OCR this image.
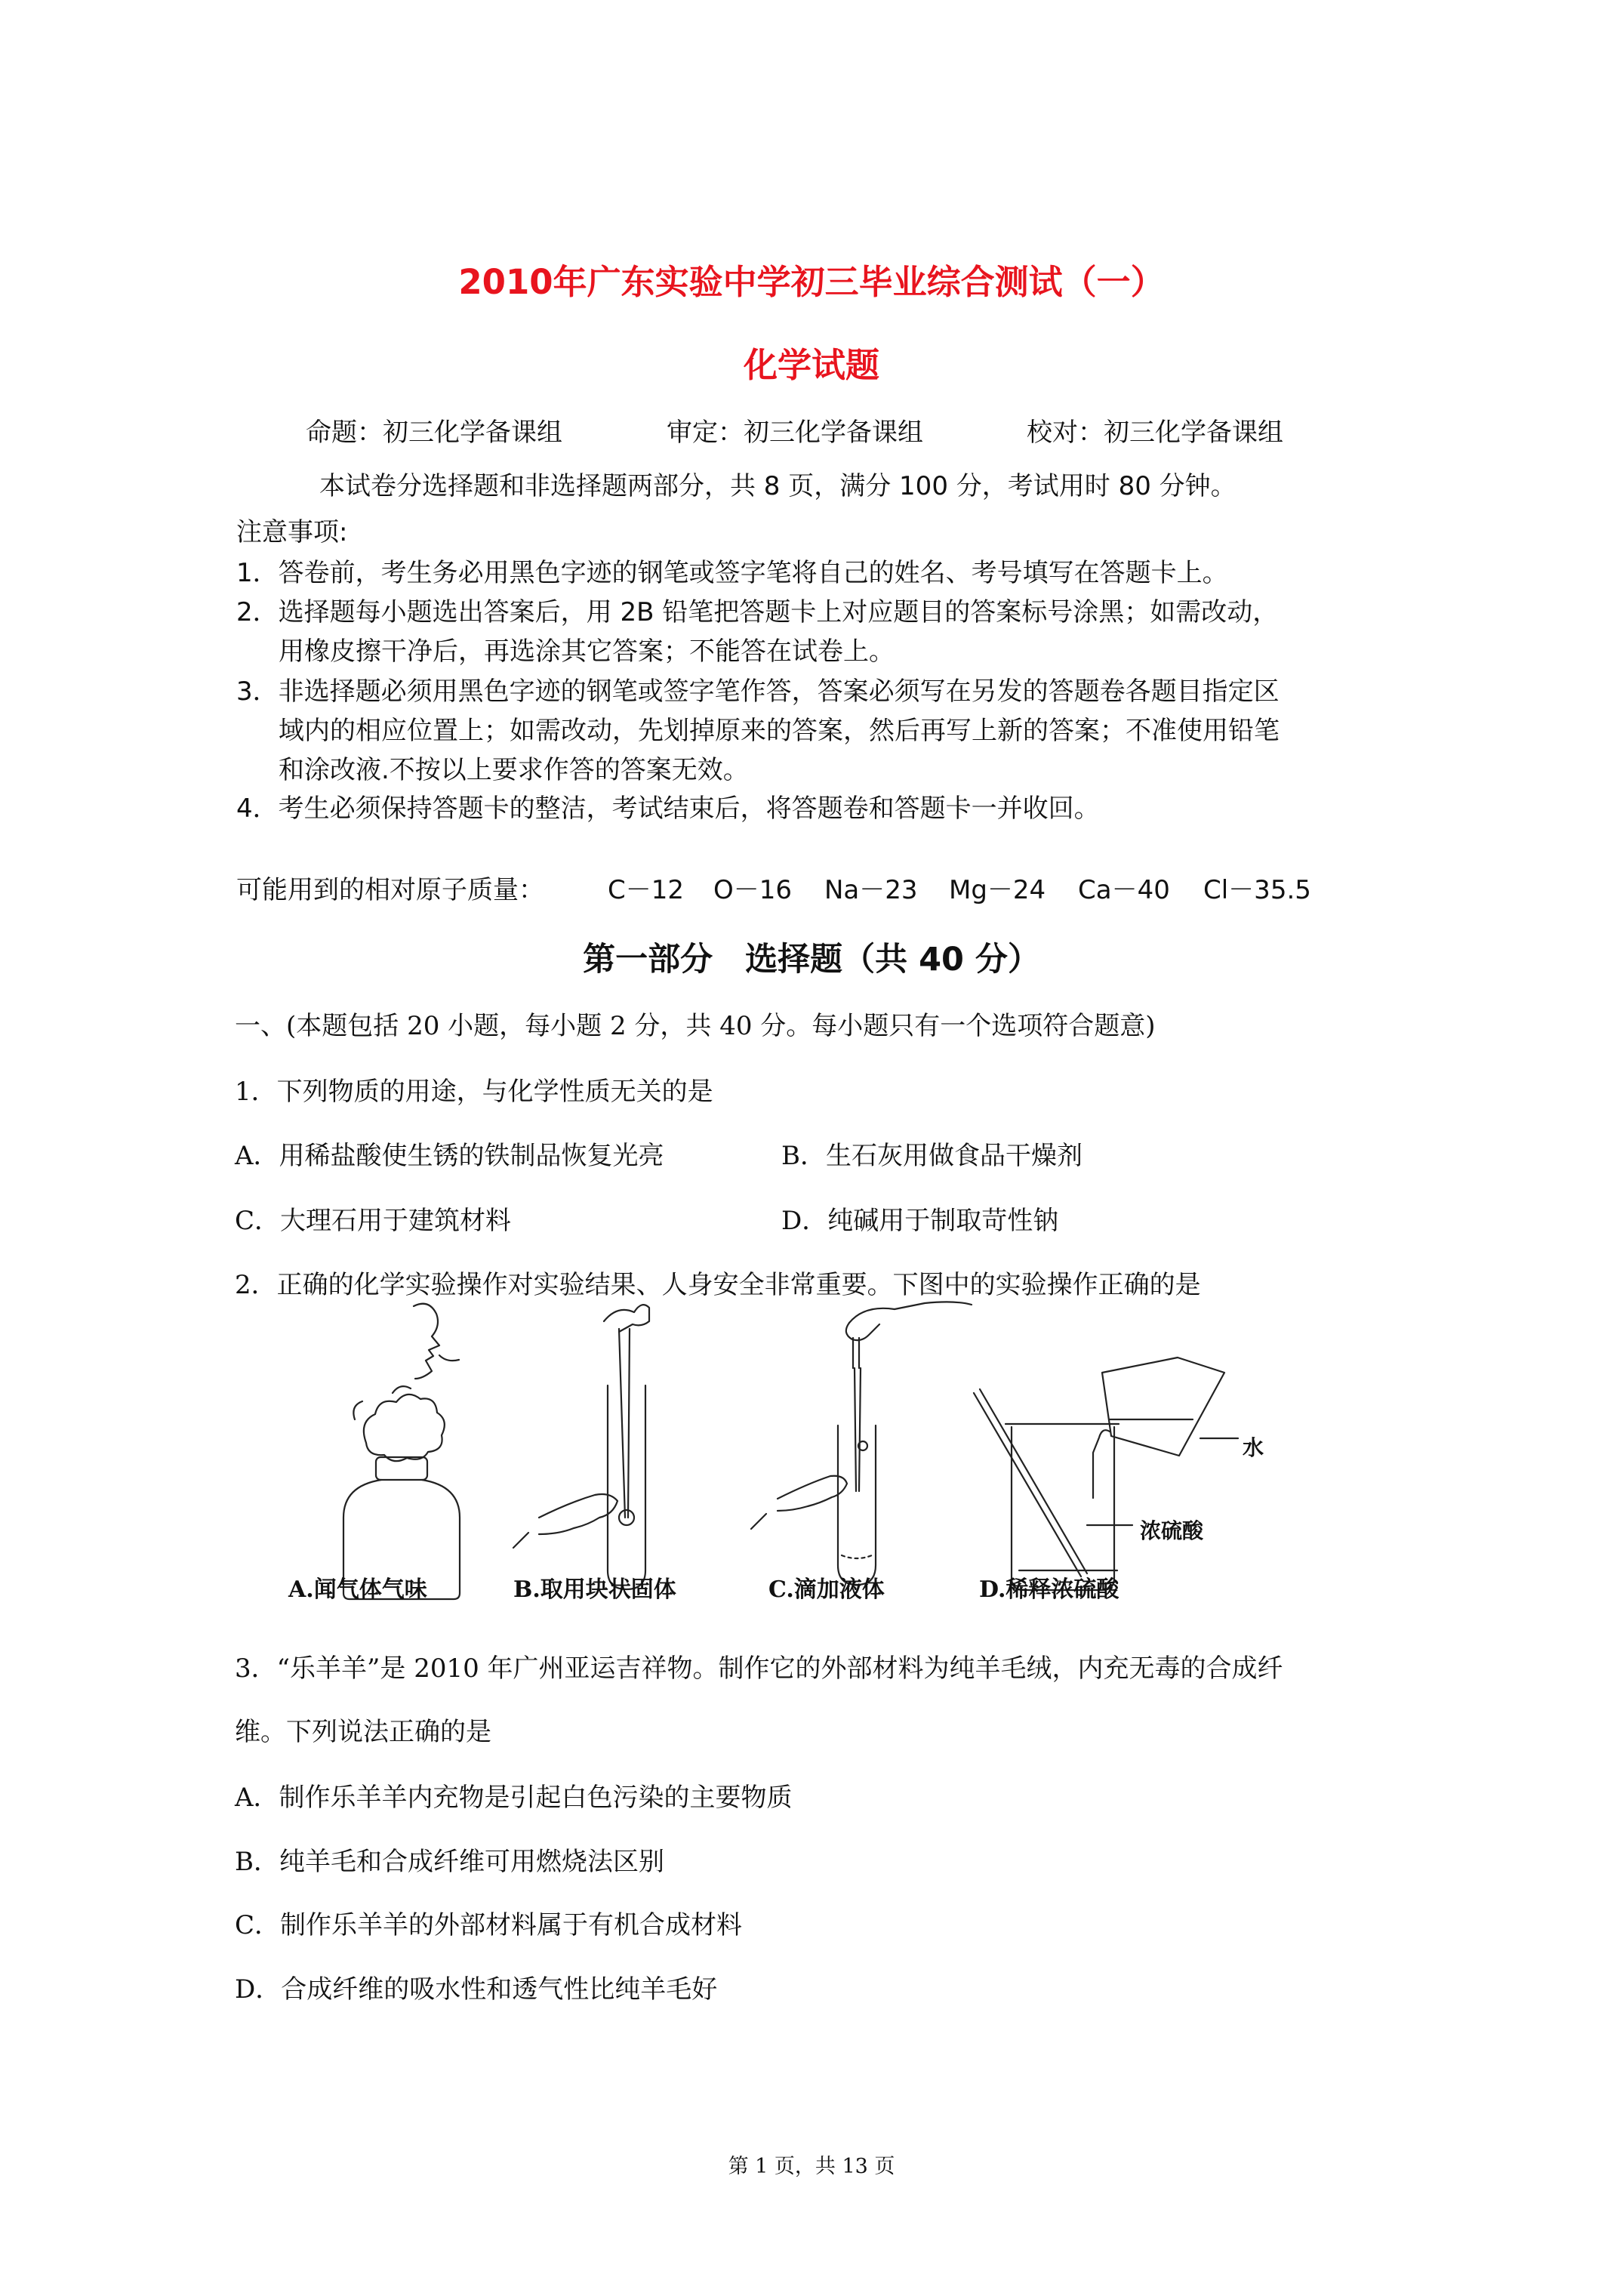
2010年广东实验中学初三毕业综合测试（一）
化学试题
命题：初三化学备课组	审定：初三化学备课组	校对：初三化学备课组
本试卷分选择题和非选择题两部分，共 8 页，满分 100 分，考试用时 80 分钟。
注意事项:
1．答卷前，考生务必用黑色字迹的钢笔或签字笔将自己的姓名、考号填写在答题卡上。
2．选择题每小题选出答案后，用 2B 铅笔把答题卡上对应题目的答案标号涂黑；如需改动，
用橡皮擦干净后，再选涂其它答案；不能答在试卷上。
3．非选择题必须用黑色字迹的钢笔或签字笔作答，答案必须写在另发的答题卷各题目指定区
域内的相应位置上；如需改动，先划掉原来的答案，然后再写上新的答案；不准使用铅笔
和涂改液.不按以上要求作答的答案无效。
4．考生必须保持答题卡的整洁，考试结束后，将答题卷和答题卡一并收回。
可能用到的相对原子质量： C－12 O－16 Na－23 Mg－24 Ca－40 Cl－35.5
第一部分　选择题（共 40 分）
一、(本题包括 20 小题，每小题 2 分，共 40 分。每小题只有一个选项符合题意)
1．下列物质的用途，与化学性质无关的是
A．用稀盐酸使生锈的铁制品恢复光亮	B．生石灰用做食品干燥剂
C．大理石用于建筑材料	D．纯碱用于制取苛性钠
2．正确的化学实验操作对实验结果、人身安全非常重要。下图中的实验操作正确的是
水
浓硫酸
A.闻气体气味	B.取用块状固体	C.滴加液体	D.稀释浓硫酸
3．“乐羊羊”是 2010 年广州亚运吉祥物。制作它的外部材料为纯羊毛绒，内充无毒的合成纤
维。下列说法正确的是
A．制作乐羊羊内充物是引起白色污染的主要物质
B．纯羊毛和合成纤维可用燃烧法区别
C．制作乐羊羊的外部材料属于有机合成材料
D．合成纤维的吸水性和透气性比纯羊毛好
第 1 页，共 13 页
